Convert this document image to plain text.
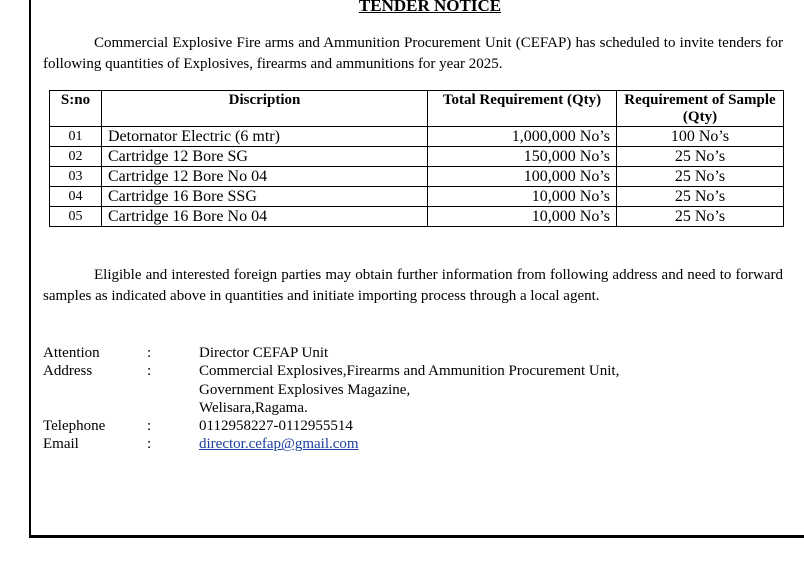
TENDER NOTICE

Commercial Explosive Fire arms and Ammunition Procurement Unit (CEFAP) has scheduled to invite tenders for following quantities of Explosives, firearms and ammunitions for year 2025.

S:no	Discription	Total Requirement (Qty)	Requirement of Sample (Qty)
01	Detornator Electric (6 mtr)	1,000,000 No’s	100 No’s
02	Cartridge 12 Bore SG	150,000 No’s	25 No’s
03	Cartridge 12 Bore No 04	100,000 No’s	25 No’s
04	Cartridge 16 Bore SSG	10,000 No’s	25 No’s
05	Cartridge 16 Bore No 04	10,000 No’s	25 No’s

Eligible and interested foreign parties may obtain further information from following address and need to forward samples as indicated above in quantities and initiate importing process through a local agent.

Attention	:	Director CEFAP Unit
Address	:	Commercial Explosives,Firearms and Ammunition Procurement Unit,
Government Explosives Magazine,
Welisara,Ragama.
Telephone	:	0112958227-0112955514
Email	:	director.cefap@gmail.com
